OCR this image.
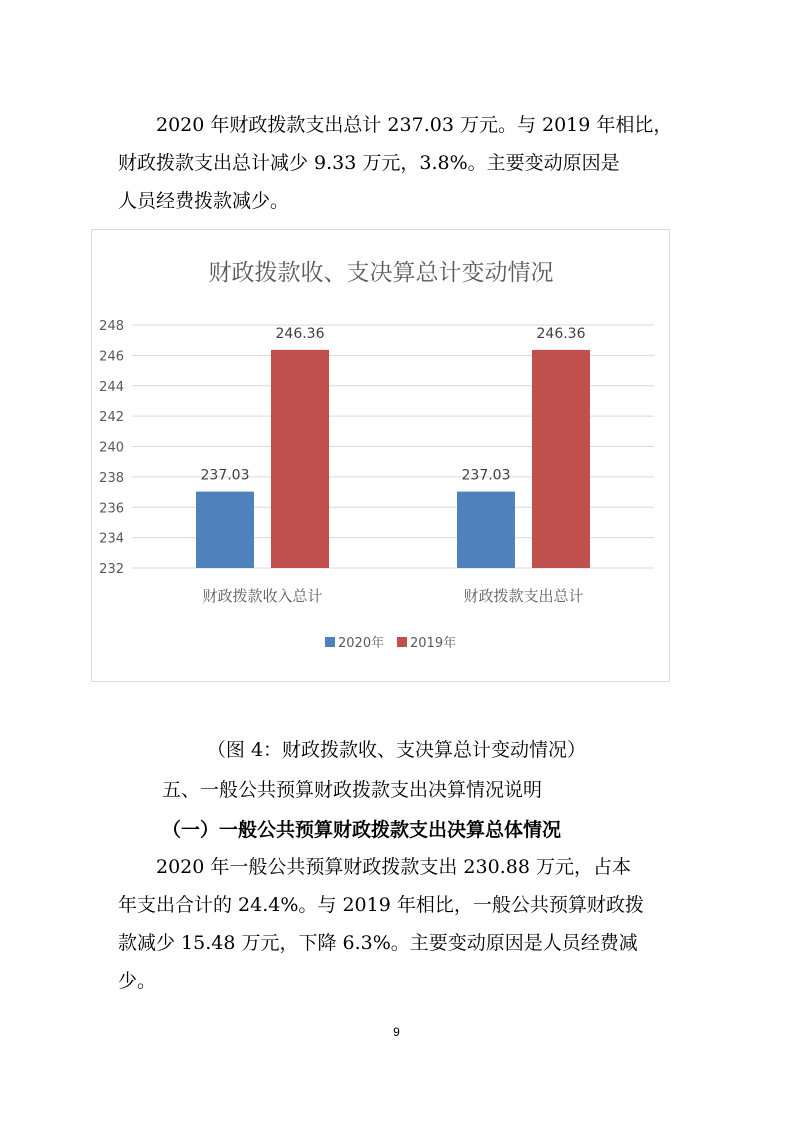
　　2020 年财政拨款支出总计 237.03 万元。与 2019 年相比，
财政拨款支出总计减少 9.33 万元，3.8%。主要变动原因是
人员经费拨款减少。
财政拨款收、支决算总计变动情况
232
234
236
238
240
242
244
246
248
237.03
246.36
财政拨款收入总计
237.03
246.36
财政拨款支出总计
2020年 2019年

（图 4：财政拨款收、支决算总计变动情况）

五、一般公共预算财政拨款支出决算情况说明
（一）一般公共预算财政拨款支出决算总体情况
　　2020 年一般公共预算财政拨款支出 230.88 万元，占本
年支出合计的 24.4%。与 2019 年相比，一般公共预算财政拨
款减少 15.48 万元，下降 6.3%。主要变动原因是人员经费减
少。
9
